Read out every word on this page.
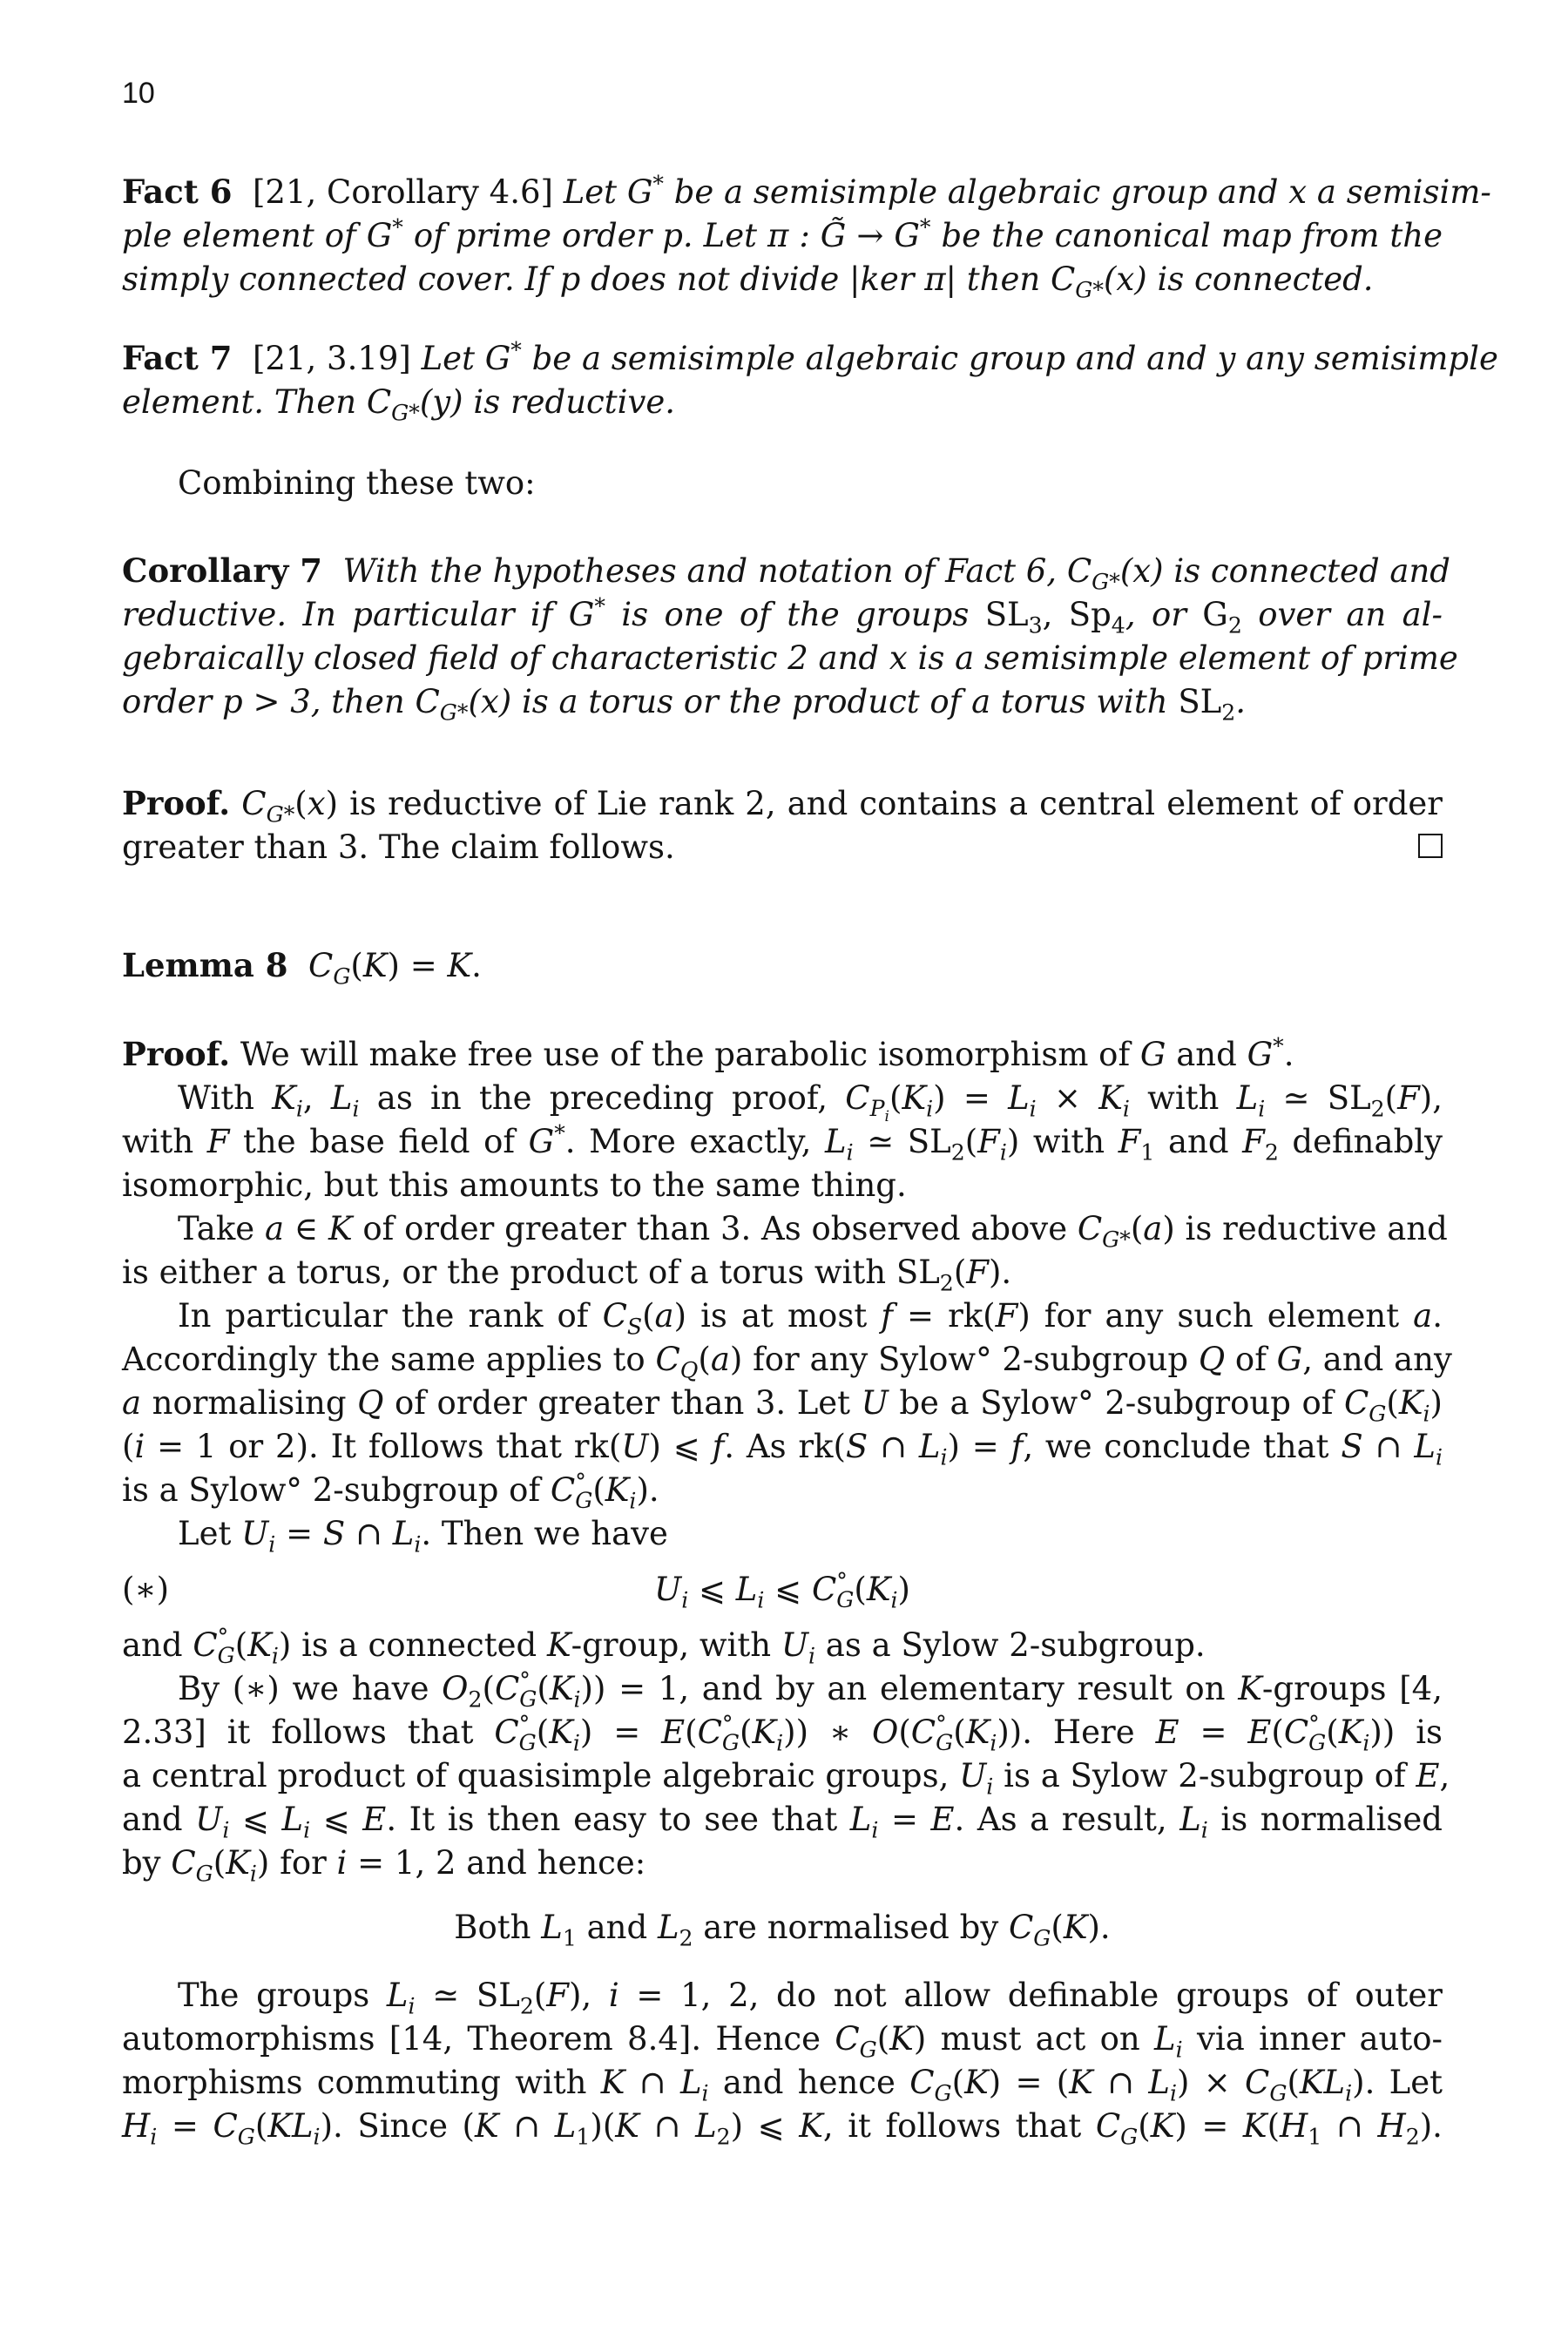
10
Fact 6  [21, Corollary 4.6] Let G* be a semisimple algebraic group and x a semisim-
ple element of G* of prime order p. Let π : G̃ → G* be the canonical map from the
simply connected cover. If p does not divide |ker π| then $C_{G*}(x)$ is connected.
Fact 7  [21, 3.19] Let G* be a semisimple algebraic group and and y any semisimple
element. Then $C_{G*}(y)$ is reductive.
Combining these two:
Corollary 7 With the hypotheses and notation of Fact 6, $C_{G*}(x)$ is connected and
reductive. In particular if G* is one of the groups $SL_3$, $Sp_4$, or $G_2$ over an al-
gebraically closed field of characteristic 2 and x is a semisimple element of prime
order p > 3, then $C_{G*}(x)$ is a torus or the product of a torus with $SL_2$.
Proof. $C_{G*}(x)$ is reductive of Lie rank 2, and contains a central element of order
greater than 3. The claim follows.
Lemma 8 $C_G(K) = K$.
Proof. We will make free use of the parabolic isomorphism of G and G*.
With $K_i$, $L_i$ as in the preceding proof, $C_{P_i}(K_i) = L_i \times K_i$ with $L_i$ ≃ $SL_2(F)$,
with F the base field of G*. More exactly, $L_i$ ≃ $SL_2(F_i)$ with $F_1$ and $F_2$ definably
isomorphic, but this amounts to the same thing.
Take a ∈ K of order greater than 3. As observed above $C_{G*}(a)$ is reductive and
is either a torus, or the product of a torus with $SL_2(F)$.
In particular the rank of $C_S(a)$ is at most f = rk(F) for any such element a.
Accordingly the same applies to $C_Q(a)$ for any Sylow° 2-subgroup Q of G, and any
a normalising Q of order greater than 3. Let U be a Sylow° 2-subgroup of $C_G(K_i)$
(i = 1 or 2). It follows that rk(U) ⩽ f. As rk(S ∩ $L_i) = f$, we conclude that S ∩ $L_i$
is a Sylow° 2-subgroup of $C^\circ_G(K_i)$.
Let $U_i = S$ ∩ $L_i$. Then we have
(∗)	$U_i$ ⩽ $L_i$ ⩽ $C^\circ_G(K_i)$
and $C^\circ_G(K_i)$ is a connected K-group, with $U_i$ as a Sylow 2-subgroup.
By (∗) we have $O_2(C^\circ_G(K_i)) = 1$, and by an elementary result on K-groups [4,
2.33] it follows that $C^\circ_G(K_i) = E(C^\circ_G(K_i))$ ∗ $O(C^\circ_G(K_i))$. Here $E = E(C^\circ_G(K_i))$ is
a central product of quasisimple algebraic groups, $U_i$ is a Sylow 2-subgroup of E,
and $U_i$ ⩽ $L_i$ ⩽ E. It is then easy to see that $L_i = E$. As a result, $L_i$ is normalised
by $C_G(K_i)$ for i = 1, 2 and hence:
Both $L_1$ and $L_2$ are normalised by $C_G(K)$.
The groups $L_i$ ≃ $SL_2(F)$, i = 1, 2, do not allow definable groups of outer
automorphisms [14, Theorem 8.4]. Hence $C_G(K)$ must act on $L_i$ via inner auto-
morphisms commuting with K ∩ $L_i$ and hence $C_G(K) = (K$ ∩ $L_i) \times C_G(KL_i)$. Let
$H_i = C_G(KL_i)$. Since (K ∩ $L_1)(K$ ∩ $L_2$) ⩽ K, it follows that $C_G(K) = K(H_1$ ∩ $H_2$).
